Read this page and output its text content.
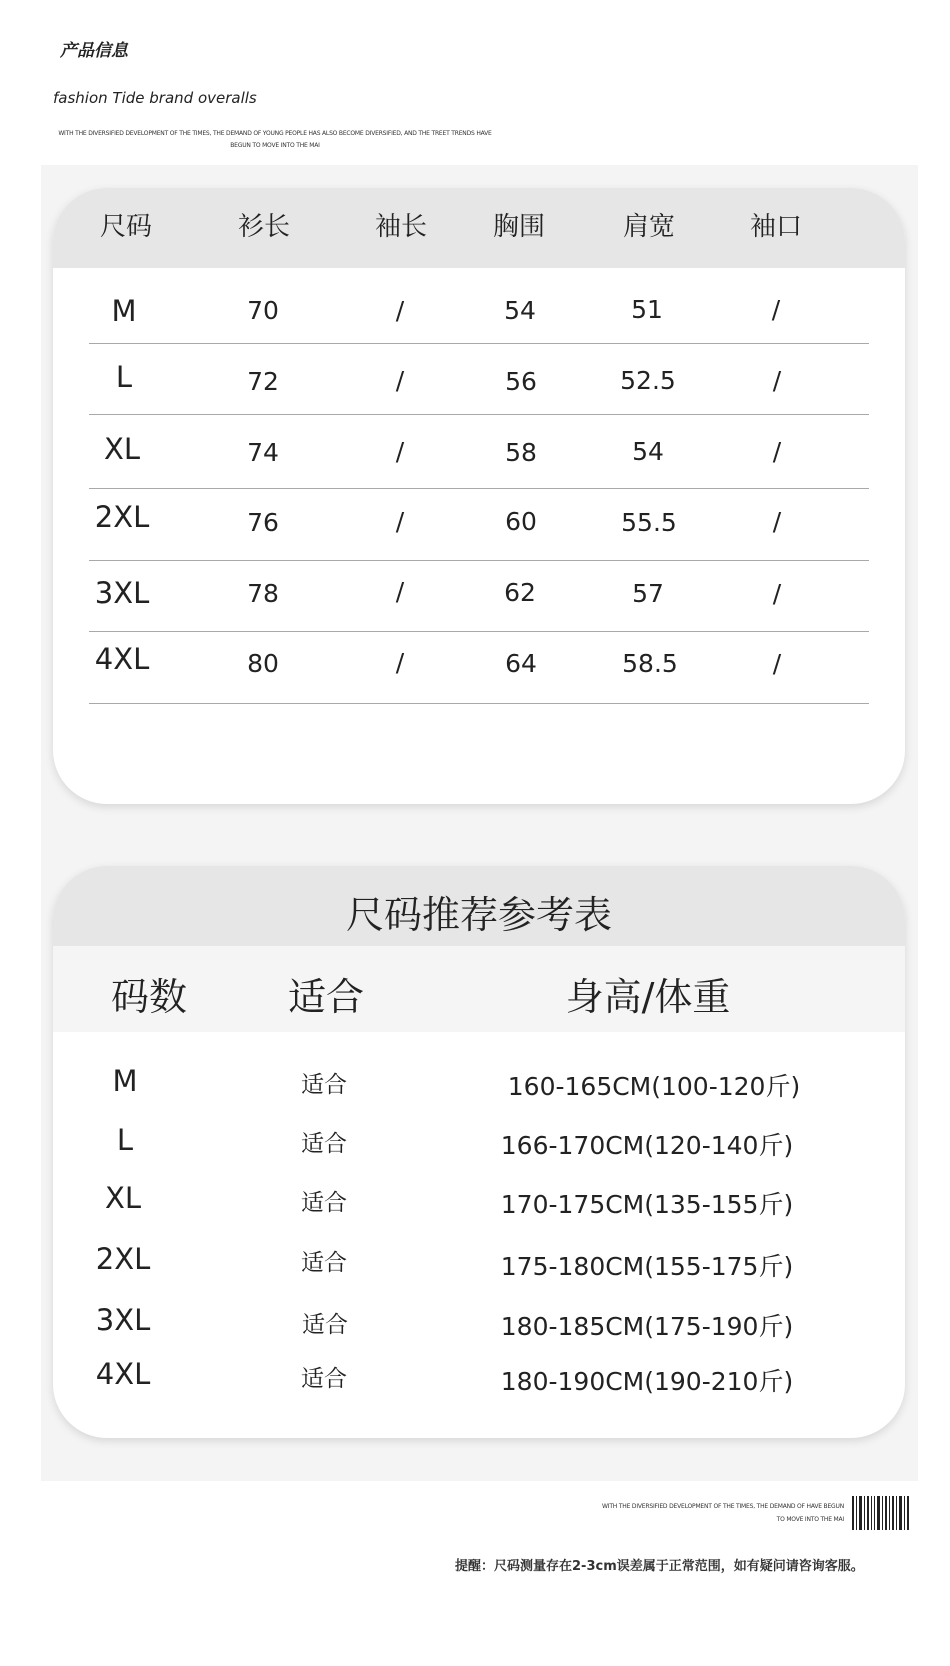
产品信息
fashion Tide brand overalls
WITH THE DIVERSIFIED DEVELOPMENT OF THE TIMES, THE DEMAND OF YOUNG PEOPLE HAS ALSO BECOME DIVERSIFIED, AND THE TREET TRENDS HAVE BEGUN TO MOVE INTO THE MAI
尺码	衫长	袖长	胸围	肩宽	袖口
M	70	/	54	51	/
L	72	/	56	52.5	/
XL	74	/	58	54	/
2XL	76	/	60	55.5	/
3XL	78	/	62	57	/
4XL	80	/	64	58.5	/
尺码推荐参考表
码数	适合	身高/体重
M	适合	160-165CM(100-120斤)
L	适合	166-170CM(120-140斤)
XL	适合	170-175CM(135-155斤)
2XL	适合	175-180CM(155-175斤)
3XL	适合	180-185CM(175-190斤)
4XL	适合	180-190CM(190-210斤)
WITH THE DIVERSIFIED DEVELOPMENT OF THE TIMES, THE DEMAND OF HAVE BEGUN TO MOVE INTO THE MAI
提醒：尺码测量存在2-3cm误差属于正常范围，如有疑问请咨询客服。
